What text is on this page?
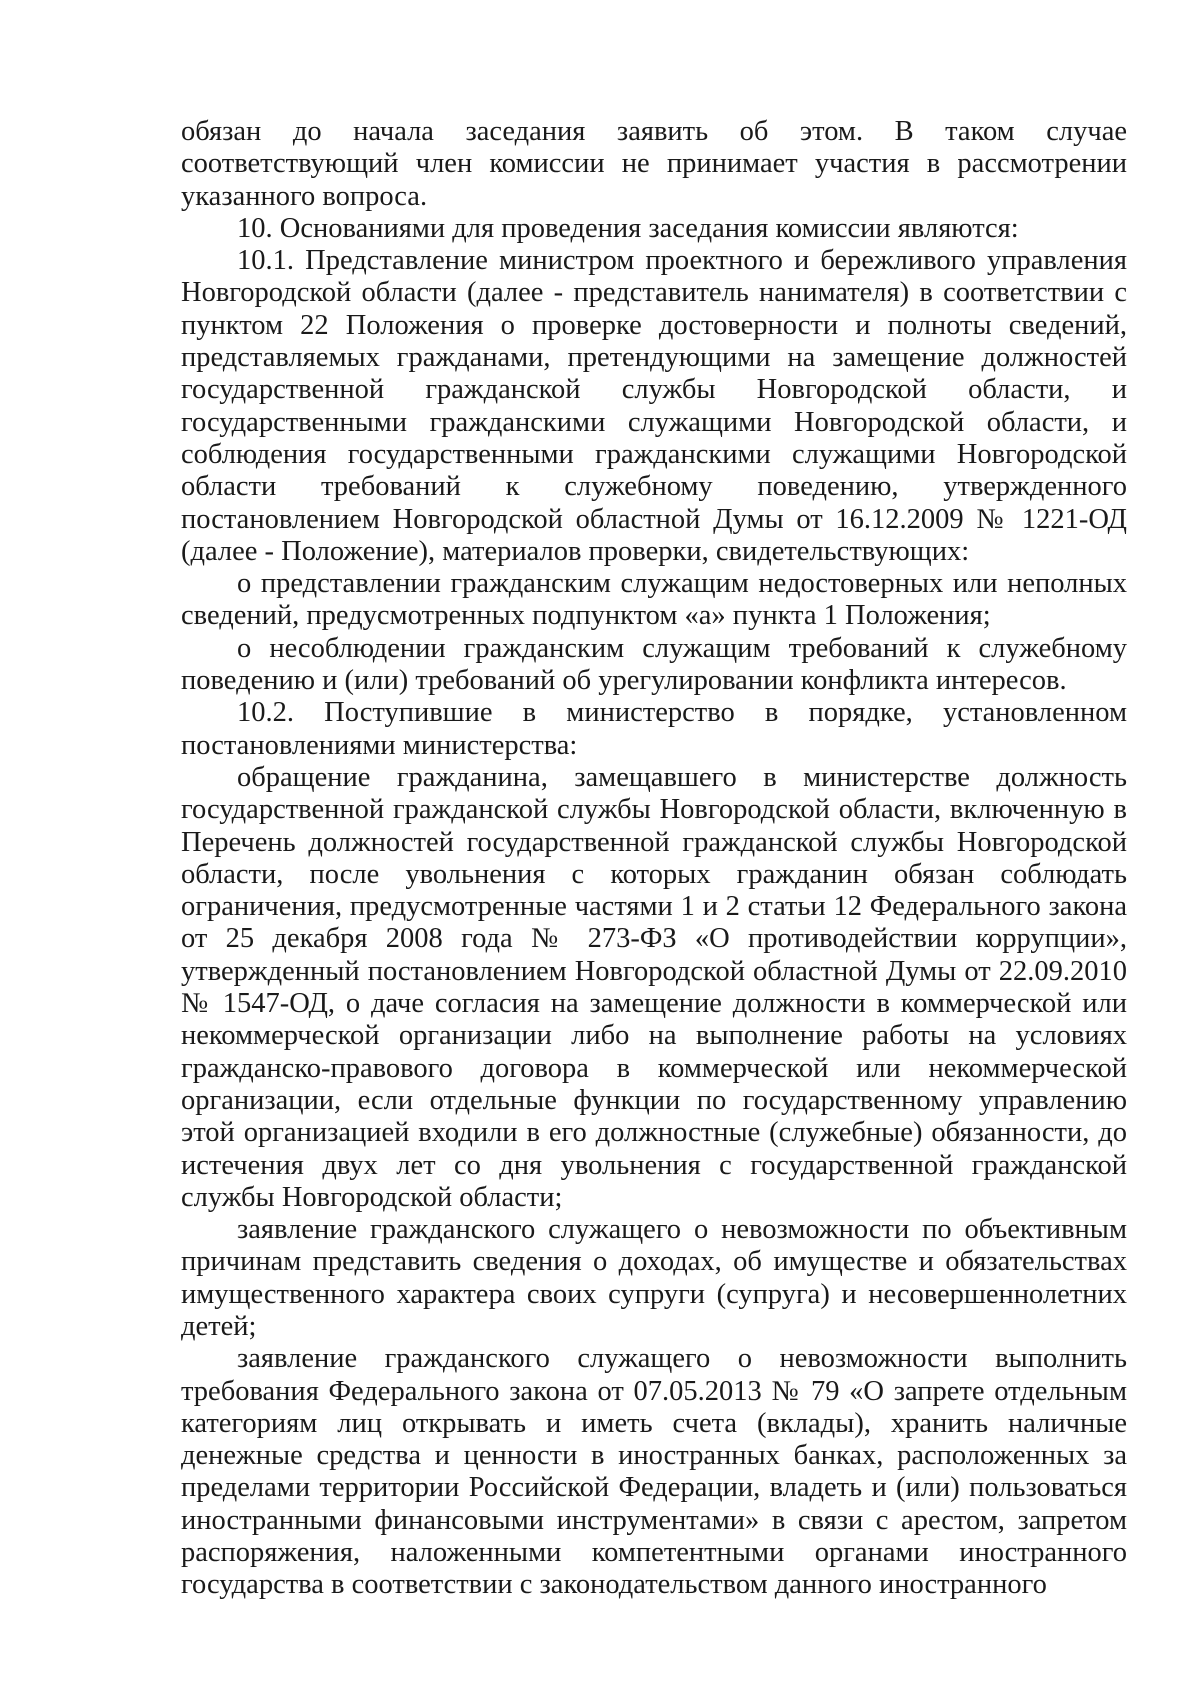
обязан до начала заседания заявить об этом. В таком случае соответствующий член комиссии не принимает участия в рассмотрении указанного вопроса.

10. Основаниями для проведения заседания комиссии являются:

10.1. Представление министром проектного и бережливого управления Новгородской области (далее - представитель нанимателя) в соответствии с пунктом 22 Положения о проверке достоверности и полноты сведений, представляемых гражданами, претендующими на замещение должностей государственной гражданской службы Новгородской области, и государственными гражданскими служащими Новгородской области, и соблюдения государственными гражданскими служащими Новгородской области требований к служебному поведению, утвержденного постановлением Новгородской областной Думы от 16.12.2009 № 1221-ОД (далее - Положение), материалов проверки, свидетельствующих:

о представлении гражданским служащим недостоверных или неполных сведений, предусмотренных подпунктом «а» пункта 1 Положения;

о несоблюдении гражданским служащим требований к служебному поведению и (или) требований об урегулировании конфликта интересов.

10.2. Поступившие в министерство в порядке, установленном постановлениями министерства:

обращение гражданина, замещавшего в министерстве должность государственной гражданской службы Новгородской области, включенную в Перечень должностей государственной гражданской службы Новгородской области, после увольнения с которых гражданин обязан соблюдать ограничения, предусмотренные частями 1 и 2 статьи 12 Федерального закона от 25 декабря 2008 года № 273-ФЗ «О противодействии коррупции», утвержденный постановлением Новгородской областной Думы от 22.09.2010 № 1547-ОД, о даче согласия на замещение должности в коммерческой или некоммерческой организации либо на выполнение работы на условиях гражданско-правового договора в коммерческой или некоммерческой организации, если отдельные функции по государственному управлению этой организацией входили в его должностные (служебные) обязанности, до истечения двух лет со дня увольнения с государственной гражданской службы Новгородской области;

заявление гражданского служащего о невозможности по объективным причинам представить сведения о доходах, об имуществе и обязательствах имущественного характера своих супруги (супруга) и несовершеннолетних детей;

заявление гражданского служащего о невозможности выполнить требования Федерального закона от 07.05.2013 № 79 «О запрете отдельным категориям лиц открывать и иметь счета (вклады), хранить наличные денежные средства и ценности в иностранных банках, расположенных за пределами территории Российской Федерации, владеть и (или) пользоваться иностранными финансовыми инструментами» в связи с арестом, запретом распоряжения, наложенными компетентными органами иностранного государства в соответствии с законодательством данного иностранного
